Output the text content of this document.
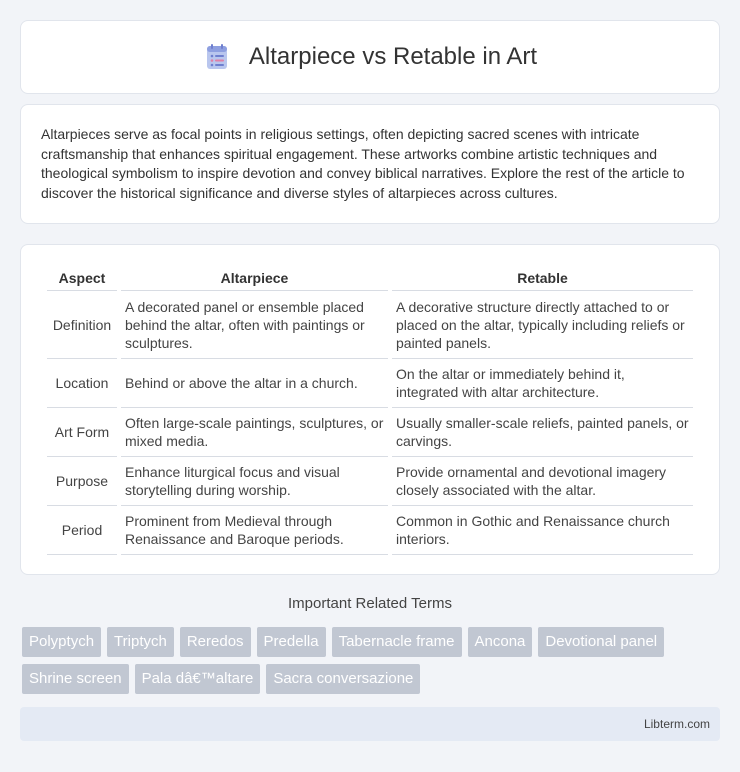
Altarpiece vs Retable in Art

Altarpieces serve as focal points in religious settings, often depicting sacred scenes with intricate craftsmanship that enhances spiritual engagement. These artworks combine artistic techniques and theological symbolism to inspire devotion and convey biblical narratives. Explore the rest of the article to discover the historical significance and diverse styles of altarpieces across cultures.

Aspect	Altarpiece	Retable
Definition	A decorated panel or ensemble placed behind the altar, often with paintings or sculptures.	A decorative structure directly attached to or placed on the altar, typically including reliefs or painted panels.
Location	Behind or above the altar in a church.	On the altar or immediately behind it, integrated with altar architecture.
Art Form	Often large-scale paintings, sculptures, or mixed media.	Usually smaller-scale reliefs, painted panels, or carvings.
Purpose	Enhance liturgical focus and visual storytelling during worship.	Provide ornamental and devotional imagery closely associated with the altar.
Period	Prominent from Medieval through Renaissance and Baroque periods.	Common in Gothic and Renaissance church interiors.
Important Related Terms
Polyptych	Triptych	Reredos	Predella	Tabernacle frame	Ancona	Devotional panel
Shrine screen	Pala dâ€™altare	Sacra conversazione
Libterm.com
